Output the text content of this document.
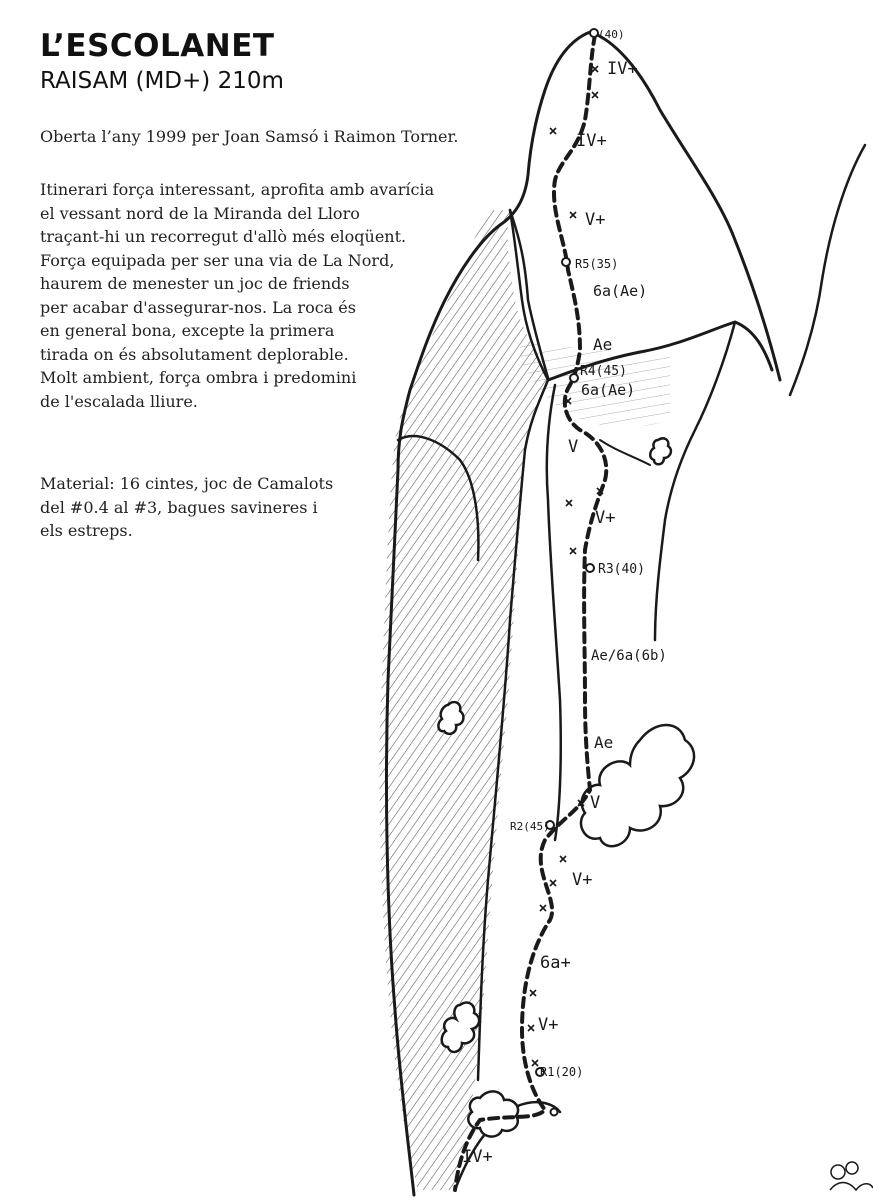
L’ESCOLANET
RAISAM (MD+) 210m

Oberta l’any 1999 per Joan Samsó i Raimon Torner.

Itinerari força interessant, aprofita amb avarícia
el vessant nord de la Miranda del Lloro
traçant-hi un recorregut d'allò més eloqüent.
Força equipada per ser una via de La Nord,
haurem de menester un joc de friends
per acabar d'assegurar-nos. La roca és
en general bona, excepte la primera
tirada on és absolutament deplorable.
Molt ambient, força ombra i predomini
de l'escalada lliure.

Material: 16 cintes, joc de Camalots
del #0.4 al #3, bagues savineres i
els estreps.

(40)
IV+
IV+
V+
R5(35)
6a(Ae)
Ae
R4(45)
6a(Ae)
V
V+
R3(40)
Ae/6a(6b)
Ae
V
R2(45)
V+
6a+
V+
R1(20)
IV+
